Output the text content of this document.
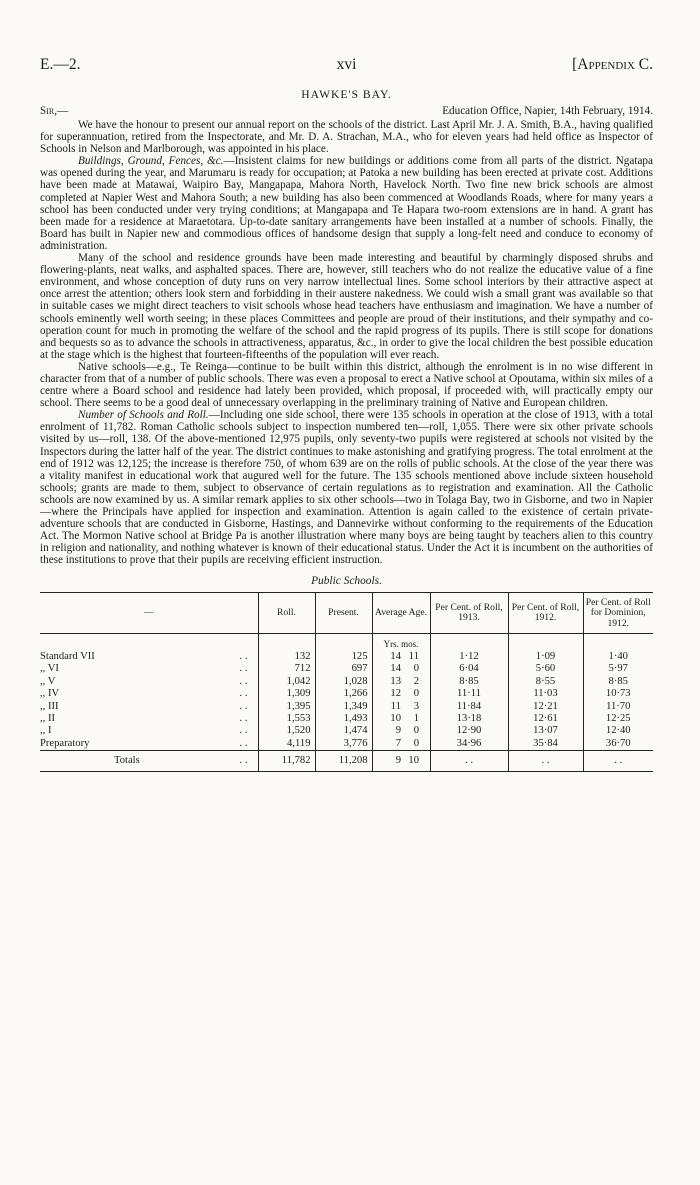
xvi
E.—2.	[Appendix C.
HAWKE'S BAY.
Sir,—	Education Office, Napier, 14th February, 1914.

We have the honour to present our annual report on the schools of the district. Last April Mr. J. A. Smith, B.A., having qualified for superannuation, retired from the Inspectorate, and Mr. D. A. Strachan, M.A., who for eleven years had held office as Inspector of Schools in Nelson and Marlborough, was appointed in his place.

Buildings, Ground, Fences, &c.—Insistent claims for new buildings or additions come from all parts of the district. Ngatapa was opened during the year, and Marumaru is ready for occupation; at Patoka a new building has been erected at private cost. Additions have been made at Matawai, Waipiro Bay, Mangapapa, Mahora North, Havelock North. Two fine new brick schools are almost completed at Napier West and Mahora South; a new building has also been commenced at Woodlands Roads, where for many years a school has been conducted under very trying conditions; at Mangapapa and Te Hapara two-room extensions are in hand. A grant has been made for a residence at Maraetotara. Up-to-date sanitary arrangements have been installed at a number of schools. Finally, the Board has built in Napier new and commodious offices of handsome design that supply a long-felt need and conduce to economy of administration.

Many of the school and residence grounds have been made interesting and beautiful by charmingly disposed shrubs and flowering-plants, neat walks, and asphalted spaces. There are, however, still teachers who do not realize the educative value of a fine environment, and whose conception of duty runs on very narrow intellectual lines. Some school interiors by their attractive aspect at once arrest the attention; others look stern and forbidding in their austere nakedness. We could wish a small grant was available so that in suitable cases we might direct teachers to visit schools whose head teachers have enthusiasm and imagination. We have a number of schools eminently well worth seeing; in these places Committees and people are proud of their institutions, and their sympathy and co-operation count for much in promoting the welfare of the school and the rapid progress of its pupils. There is still scope for donations and bequests so as to advance the schools in attractiveness, apparatus, &c., in order to give the local children the best possible education at the stage which is the highest that fourteen-fifteenths of the population will ever reach.

Native schools—e.g., Te Reinga—continue to be built within this district, although the enrolment is in no wise different in character from that of a number of public schools. There was even a proposal to erect a Native school at Opoutama, within six miles of a centre where a Board school and residence had lately been provided, which proposal, if proceeded with, will practically empty our school. There seems to be a good deal of unnecessary overlapping in the preliminary training of Native and European children.

Number of Schools and Roll.—Including one side school, there were 135 schools in operation at the close of 1913, with a total enrolment of 11,782. Roman Catholic schools subject to inspection numbered ten—roll, 1,055. There were six other private schools visited by us—roll, 138. Of the above-mentioned 12,975 pupils, only seventy-two pupils were registered at schools not visited by the Inspectors during the latter half of the year. The district continues to make astonishing and gratifying progress. The total enrolment at the end of 1912 was 12,125; the increase is therefore 750, of whom 639 are on the rolls of public schools. At the close of the year there was a vitality manifest in educational work that augured well for the future. The 135 schools mentioned above include sixteen household schools; grants are made to them, subject to observance of certain regulations as to registration and examination. All the Catholic schools are now examined by us. A similar remark applies to six other schools—two in Tolaga Bay, two in Gisborne, and two in Napier—where the Principals have applied for inspection and examination. Attention is again called to the existence of certain private-adventure schools that are conducted in Gisborne, Hastings, and Dannevirke without conforming to the requirements of the Education Act. The Mormon Native school at Bridge Pa is another illustration where many boys are being taught by teachers alien to this country in religion and nationality, and nothing whatever is known of their educational status. Under the Act it is incumbent on the authorities of these institutions to prove that their pupils are receiving efficient instruction.

Public Schools.
—	Roll.	Present.	Average Age.	Per Cent. of Roll, 1913.	Per Cent. of Roll, 1912.	Per Cent. of Roll for Dominion, 1912.
			Yrs. mos.			
Standard VII . .	132	125	14 11	1·12	1·09	1·40
,, VI . .	712	697	14 0	6·04	5·60	5·97
,, V . .	1,042	1,028	13 2	8·85	8·55	8·85
,, IV . .	1,309	1,266	12 0	11·11	11·03	10·73
,, III . .	1,395	1,349	11 3	11·84	12·21	11·70
,, II . .	1,553	1,493	10 1	13·18	12·61	12·25
,, I . .	1,520	1,474	9 0	12·90	13·07	12·40
Preparatory . .	4,119	3,776	7 0	34·96	35·84	36·70
Totals . .	11,782	11,208	9 10	. .	. .	. .
